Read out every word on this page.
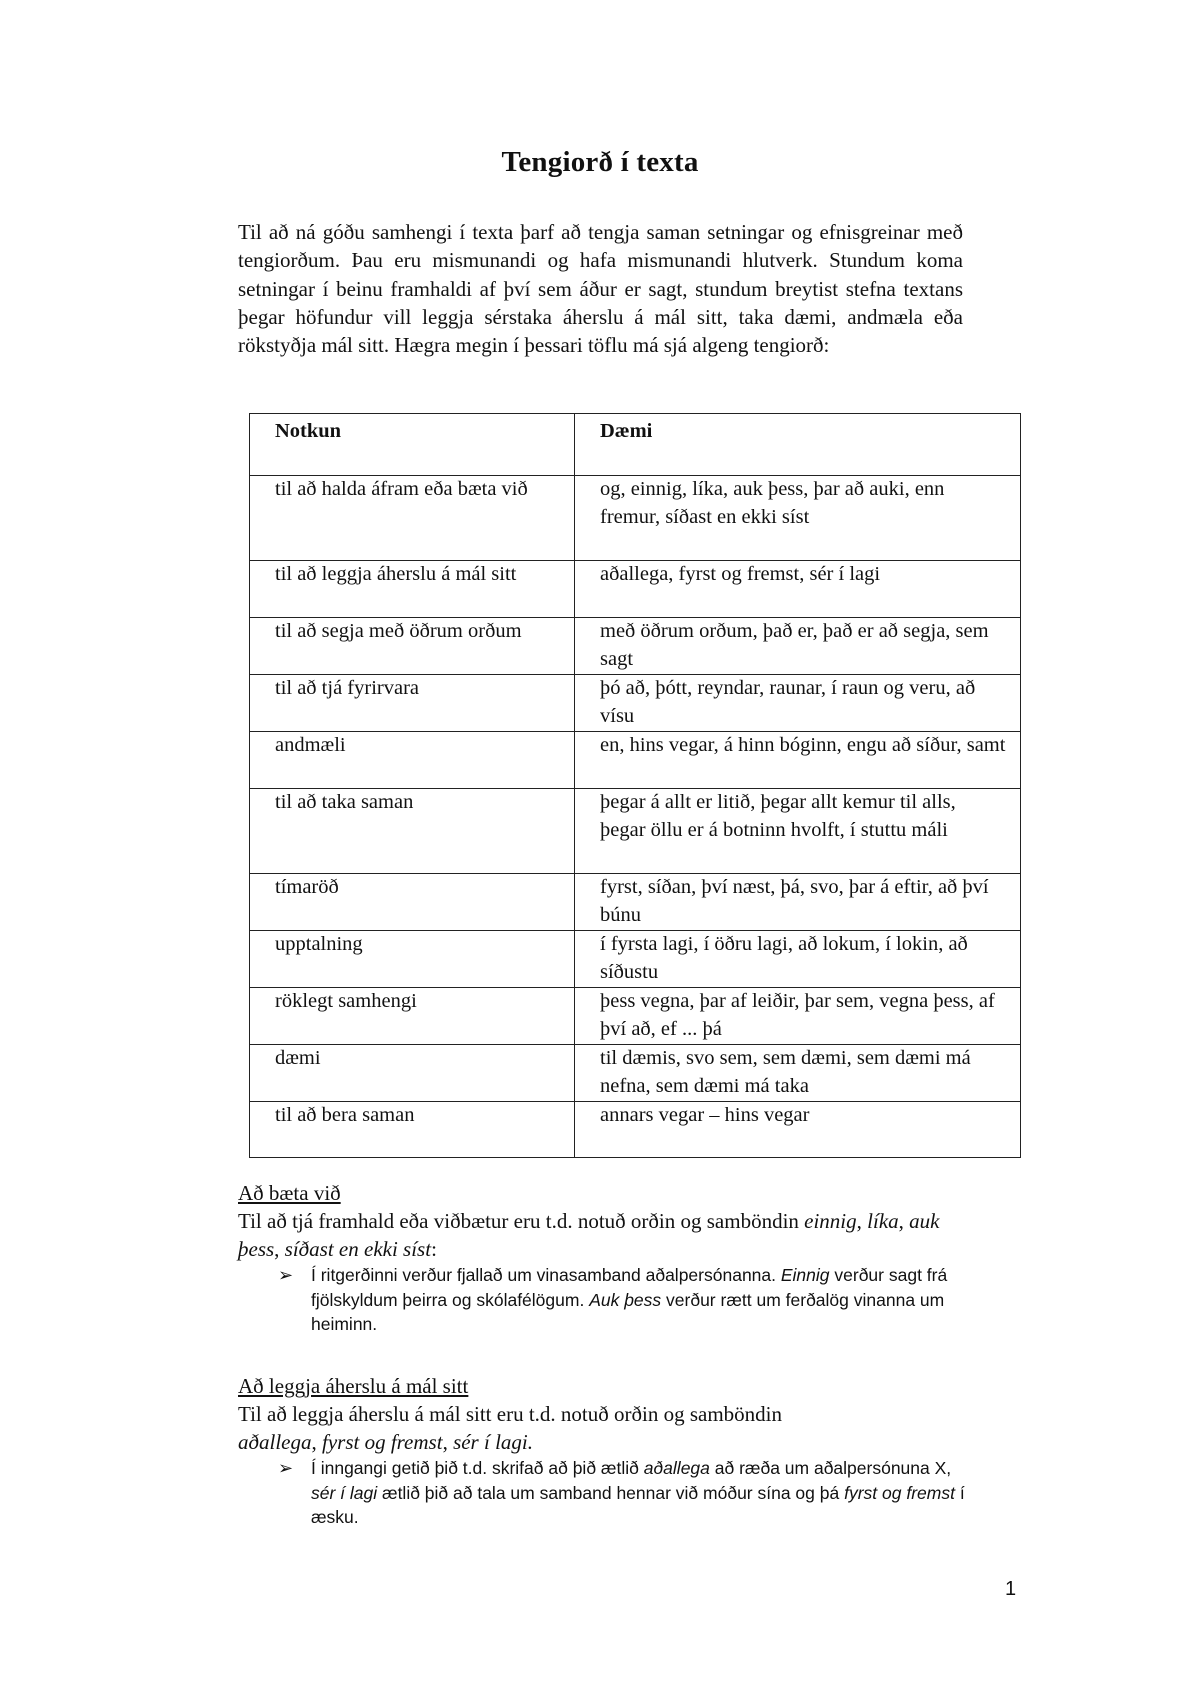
Tengiorð í texta
Til að ná góðu samhengi í texta þarf að tengja saman setningar og efnisgreinar með tengiorðum. Þau eru mismunandi og hafa mismunandi hlutverk. Stundum koma setningar í beinu framhaldi af því sem áður er sagt, stundum breytist stefna textans þegar höfundur vill leggja sérstaka áherslu á mál sitt, taka dæmi, andmæla eða rökstyðja mál sitt. Hægra megin í þessari töflu má sjá algeng tengiorð:
Notkun	Dæmi
til að halda áfram eða bæta við	og, einnig, líka, auk þess, þar að auki, enn fremur, síðast en ekki síst
til að leggja áherslu á mál sitt	aðallega, fyrst og fremst, sér í lagi
til að segja með öðrum orðum	með öðrum orðum, það er, það er að segja, sem sagt
til að tjá fyrirvara	þó að, þótt, reyndar, raunar, í raun og veru, að vísu
andmæli	en, hins vegar, á hinn bóginn, engu að síður, samt
til að taka saman	þegar á allt er litið, þegar allt kemur til alls, þegar öllu er á botninn hvolft, í stuttu máli
tímaröð	fyrst, síðan, því næst, þá, svo, þar á eftir, að því búnu
upptalning	í fyrsta lagi, í öðru lagi, að lokum, í lokin, að síðustu
röklegt samhengi	þess vegna, þar af leiðir, þar sem, vegna þess, af því að, ef ... þá
dæmi	til dæmis, svo sem, sem dæmi, sem dæmi má nefna, sem dæmi má taka
til að bera saman	annars vegar – hins vegar
Að bæta við
Til að tjá framhald eða viðbætur eru t.d. notuð orðin og samböndin einnig, líka, auk þess, síðast en ekki síst:
➢ Í ritgerðinni verður fjallað um vinasamband aðalpersónanna. Einnig verður sagt frá fjölskyldum þeirra og skólafélögum. Auk þess verður rætt um ferðalög vinanna um heiminn.
Að leggja áherslu á mál sitt
Til að leggja áherslu á mál sitt eru t.d. notuð orðin og samböndin
aðallega, fyrst og fremst, sér í lagi.
➢ Í inngangi getið þið t.d. skrifað að þið ætlið aðallega að ræða um aðalpersónuna X, sér í lagi ætlið þið að tala um samband hennar við móður sína og þá fyrst og fremst í æsku.
1
